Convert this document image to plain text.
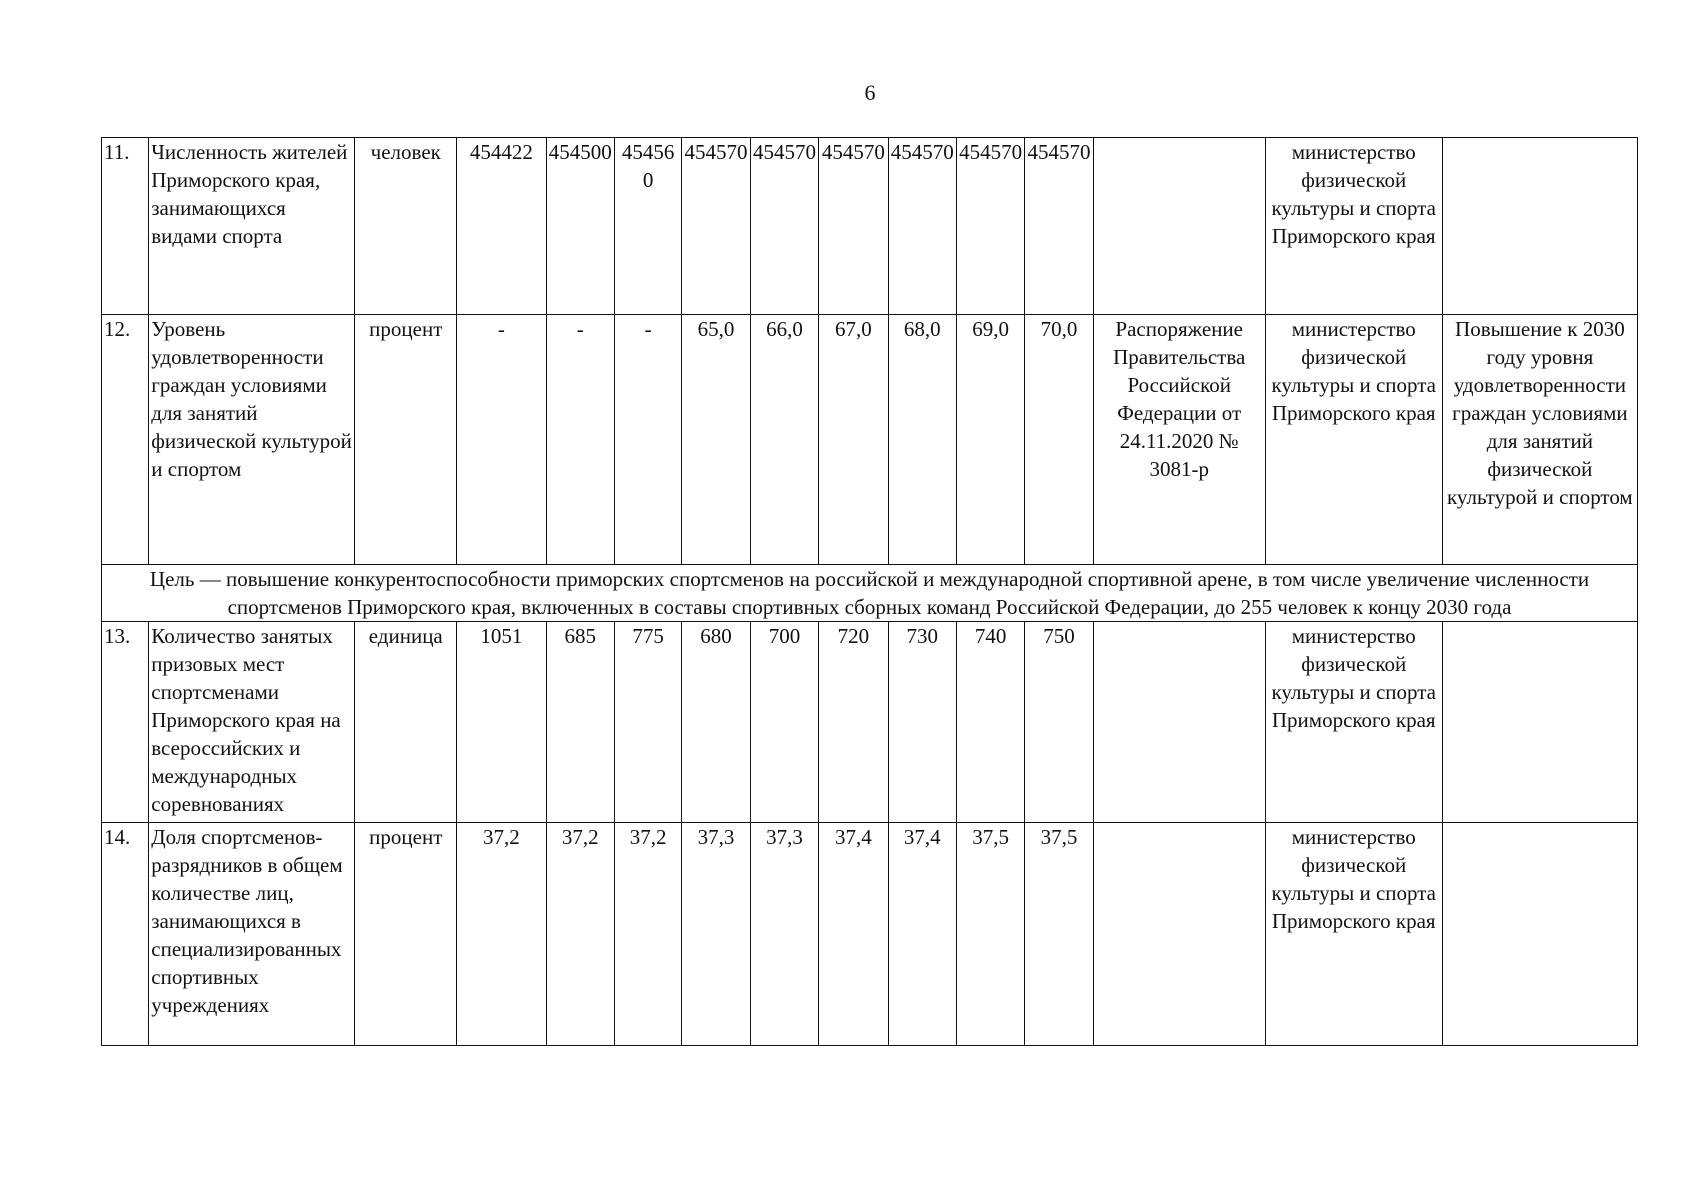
6
11.	Численность жителей Приморского края, занимающихся видами спорта	человек	454422	454500	454560	454570	454570	454570	454570	454570	454570		министерство физической культуры и спорта Приморского края	
12.	Уровень удовлетворенности граждан условиями для занятий физической культурой и спортом	процент	-	-	-	65,0	66,0	67,0	68,0	69,0	70,0	Распоряжение Правительства Российской Федерации от 24.11.2020 № 3081-р	министерство физической культуры и спорта Приморского края	Повышение к 2030 году уровня удовлетворенности граждан условиями для занятий физической культурой и спортом
Цель — повышение конкурентоспособности приморских спортсменов на российской и международной спортивной арене, в том числе увеличение численности спортсменов Приморского края, включенных в составы спортивных сборных команд Российской Федерации, до 255 человек к концу 2030 года														
13.	Количество занятых призовых мест спортсменами Приморского края на всероссийских и международных соревнованиях	единица	1051	685	775	680	700	720	730	740	750		министерство физической культуры и спорта Приморского края	
14.	Доля спортсменов-разрядников в общем количестве лиц, занимающихся в специализированных спортивных учреждениях	процент	37,2	37,2	37,2	37,3	37,3	37,4	37,4	37,5	37,5		министерство физической культуры и спорта Приморского края	
